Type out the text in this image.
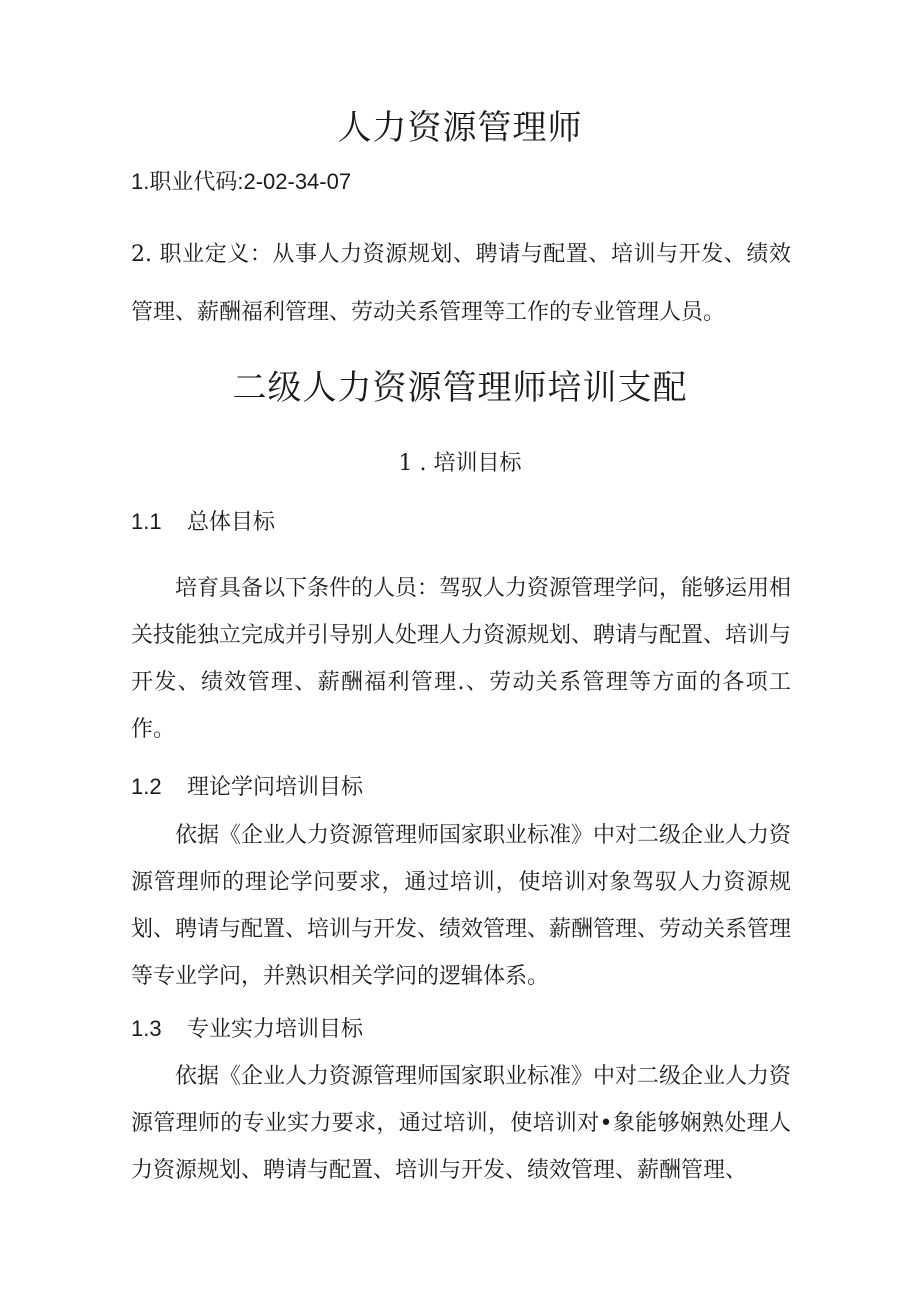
人力资源管理师
1.职业代码:2-02-34-07
2. 职业定义：从事人力资源规划、聘请与配置、培训与开发、绩效管理、薪酬福利管理、劳动关系管理等工作的专业管理人员。
二级人力资源管理师培训支配
1 . 培训目标
1.1 总体目标
培育具备以下条件的人员：驾驭人力资源管理学问，能够运用相关技能独立完成并引导别人处理人力资源规划、聘请与配置、培训与开发、绩效管理、薪酬福利管理.、劳动关系管理等方面的各项工作。
1.2 理论学问培训目标
依据《企业人力资源管理师国家职业标准》中对二级企业人力资源管理师的理论学问要求，通过培训，使培训对象驾驭人力资源规划、聘请与配置、培训与开发、绩效管理、薪酬管理、劳动关系管理等专业学问，并熟识相关学问的逻辑体系。
1.3 专业实力培训目标
依据《企业人力资源管理师国家职业标准》中对二级企业人力资源管理师的专业实力要求，通过培训，使培训对•象能够娴熟处理人力资源规划、聘请与配置、培训与开发、绩效管理、薪酬管理、
